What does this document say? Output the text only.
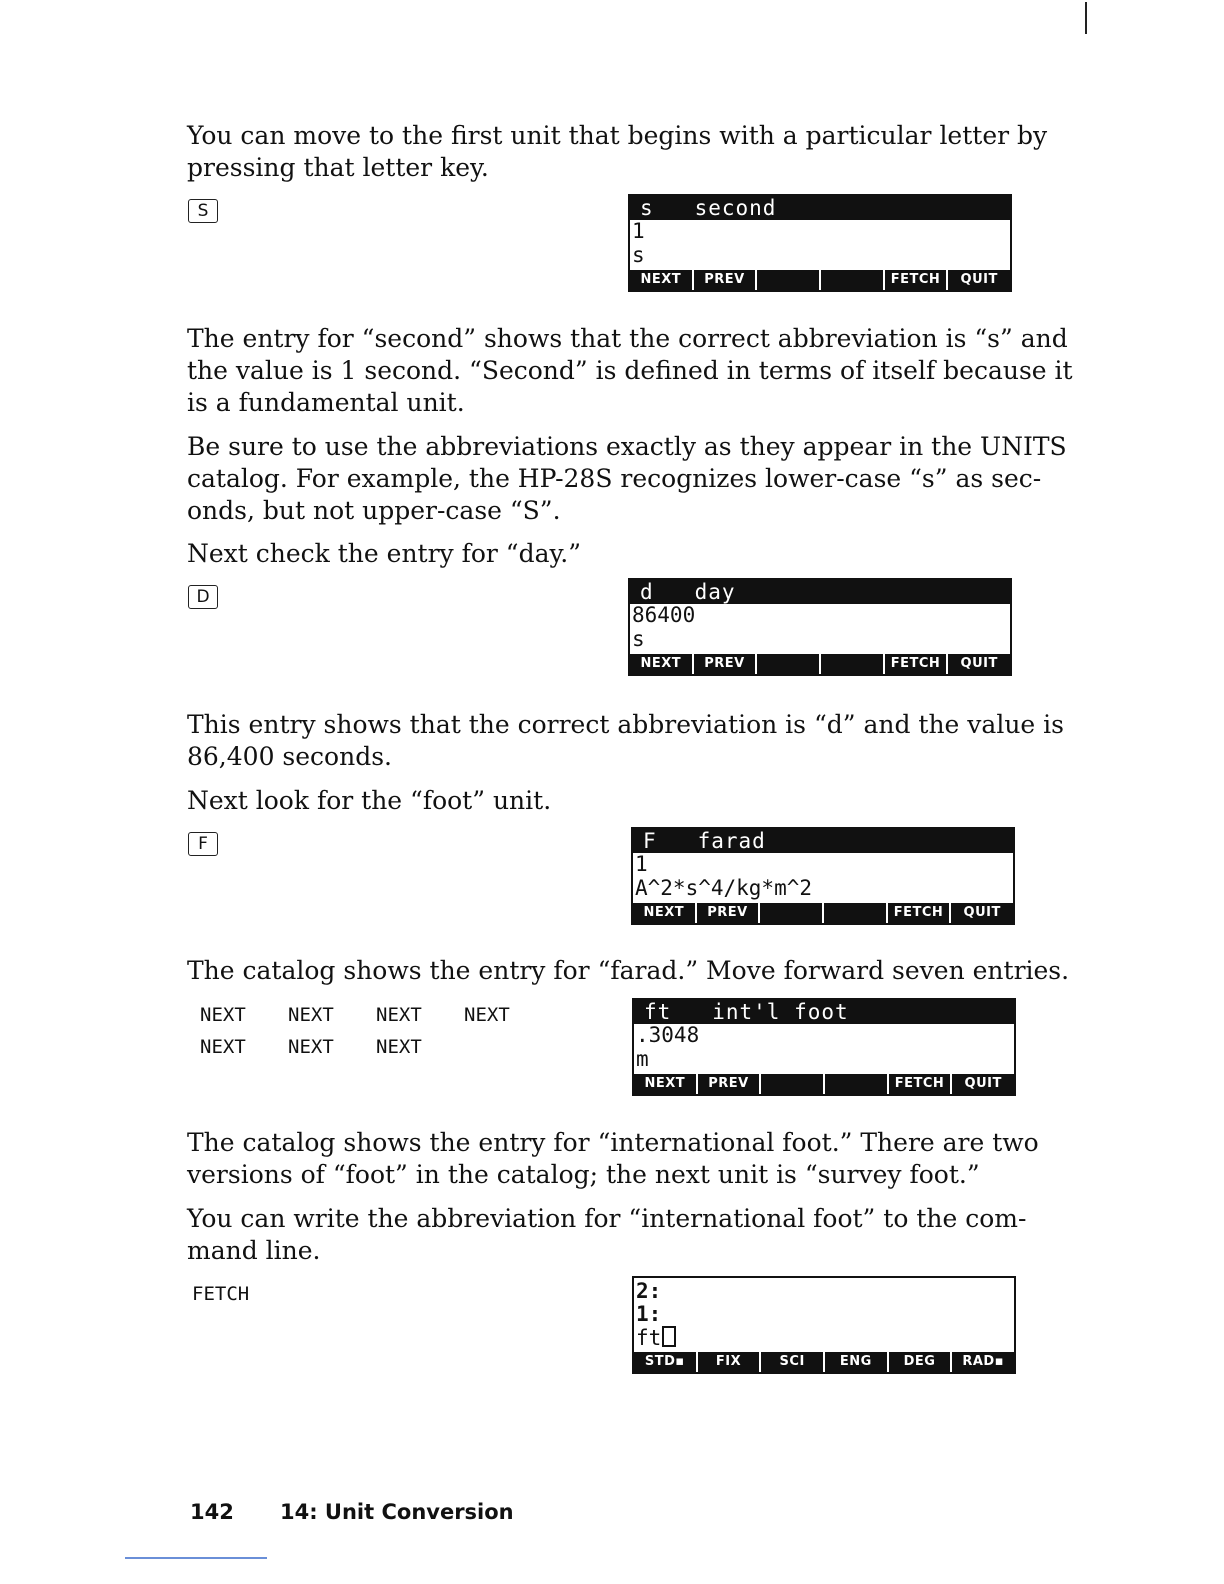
You can move to the first unit that begins with a particular letter by
pressing that letter key.

S	s   second
1
s
NEXT	PREV	FETCH	QUIT

The entry for “second” shows that the correct abbreviation is “s” and
the value is 1 second. “Second” is defined in terms of itself because it
is a fundamental unit.

Be sure to use the abbreviations exactly as they appear in the UNITS
catalog. For example, the HP-28S recognizes lower-case “s” as sec-
onds, but not upper-case “S”.

Next check the entry for “day.”

D	d   day
86400
s
NEXT	PREV	FETCH	QUIT

This entry shows that the correct abbreviation is “d” and the value is
86,400 seconds.

Next look for the “foot” unit.

F	F   farad
1
A^2*s^4/kg*m^2
NEXT	PREV	FETCH	QUIT

The catalog shows the entry for “farad.” Move forward seven entries.

NEXT NEXT NEXT NEXT
NEXT NEXT NEXT
ft   int'l foot
.3048
m
NEXT	PREV	FETCH	QUIT

The catalog shows the entry for “international foot.” There are two
versions of “foot” in the catalog; the next unit is “survey foot.”

You can write the abbreviation for “international foot” to the com-
mand line.

FETCH	2:
1:
ft
STD▪	FIX	SCI	ENG	DEG	RAD▪
142 14: Unit Conversion
